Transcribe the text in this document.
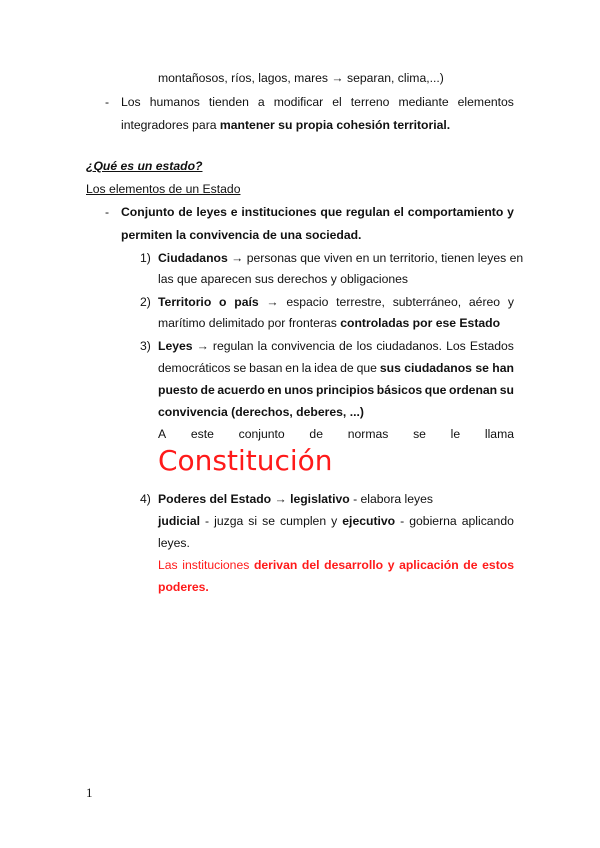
montañosos, ríos, lagos, mares → separan, clima,...)
- Los humanos tienden a modificar el terreno mediante elementos
integradores para mantener su propia cohesión territorial.
¿Qué es un estado?
Los elementos de un Estado
- Conjunto de leyes e instituciones que regulan el comportamiento y
permiten la convivencia de una sociedad.
1) Ciudadanos → personas que viven en un territorio, tienen leyes en
las que aparecen sus derechos y obligaciones
2) Territorio o país → espacio terrestre, subterráneo, aéreo y
marítimo delimitado por fronteras controladas por ese Estado
3) Leyes → regulan la convivencia de los ciudadanos. Los Estados
democráticos se basan en la idea de que sus ciudadanos se han
puesto de acuerdo en unos principios básicos que ordenan su
convivencia (derechos, deberes, ...)
A este conjunto de normas se le llama
Constitución
4) Poderes del Estado → legislativo - elabora leyes
judicial - juzga si se cumplen y ejecutivo - gobierna aplicando
leyes.
Las instituciones derivan del desarrollo y aplicación de estos
poderes.
1
